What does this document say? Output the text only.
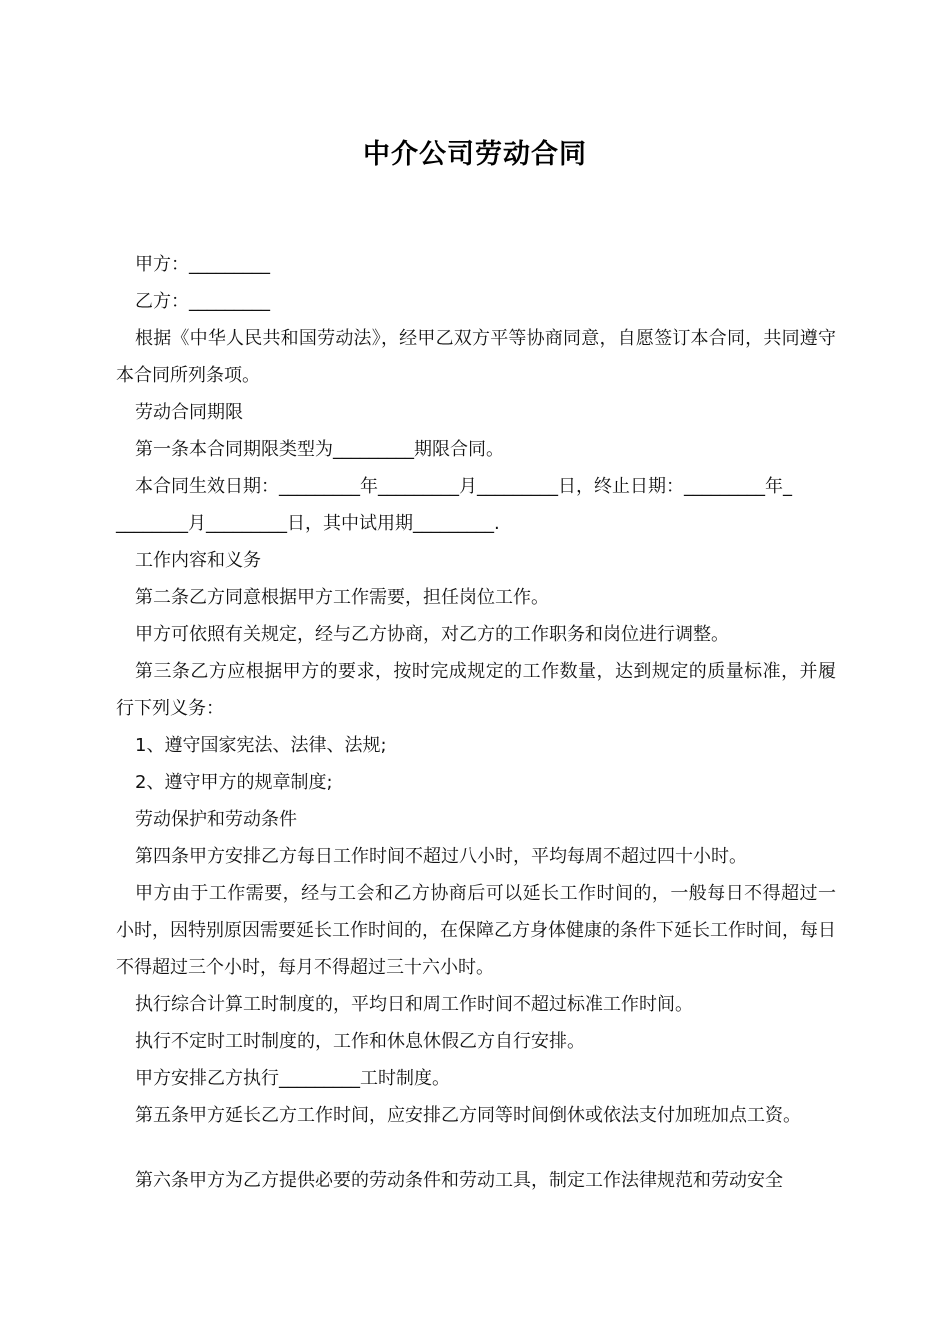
中介公司劳动合同

甲方：_________

乙方：_________

根据《中华人民共和国劳动法》，经甲乙双方平等协商同意，自愿签订本合同，共同遵守本合同所列条项。

劳动合同期限

第一条本合同期限类型为_________期限合同。

本合同生效日期：_________年_________月_________日，终止日期：_________年_

________月_________日，其中试用期_________.

工作内容和义务

第二条乙方同意根据甲方工作需要，担任岗位工作。

甲方可依照有关规定，经与乙方协商，对乙方的工作职务和岗位进行调整。

第三条乙方应根据甲方的要求，按时完成规定的工作数量，达到规定的质量标准，并履行下列义务：

1、遵守国家宪法、法律、法规;

2、遵守甲方的规章制度;

劳动保护和劳动条件

第四条甲方安排乙方每日工作时间不超过八小时，平均每周不超过四十小时。

甲方由于工作需要，经与工会和乙方协商后可以延长工作时间的，一般每日不得超过一小时，因特别原因需要延长工作时间的，在保障乙方身体健康的条件下延长工作时间，每日不得超过三个小时，每月不得超过三十六小时。

执行综合计算工时制度的，平均日和周工作时间不超过标准工作时间。

执行不定时工时制度的，工作和休息休假乙方自行安排。

甲方安排乙方执行_________工时制度。

第五条甲方延长乙方工作时间，应安排乙方同等时间倒休或依法支付加班加点工资。

第六条甲方为乙方提供必要的劳动条件和劳动工具，制定工作法律规范和劳动安全
